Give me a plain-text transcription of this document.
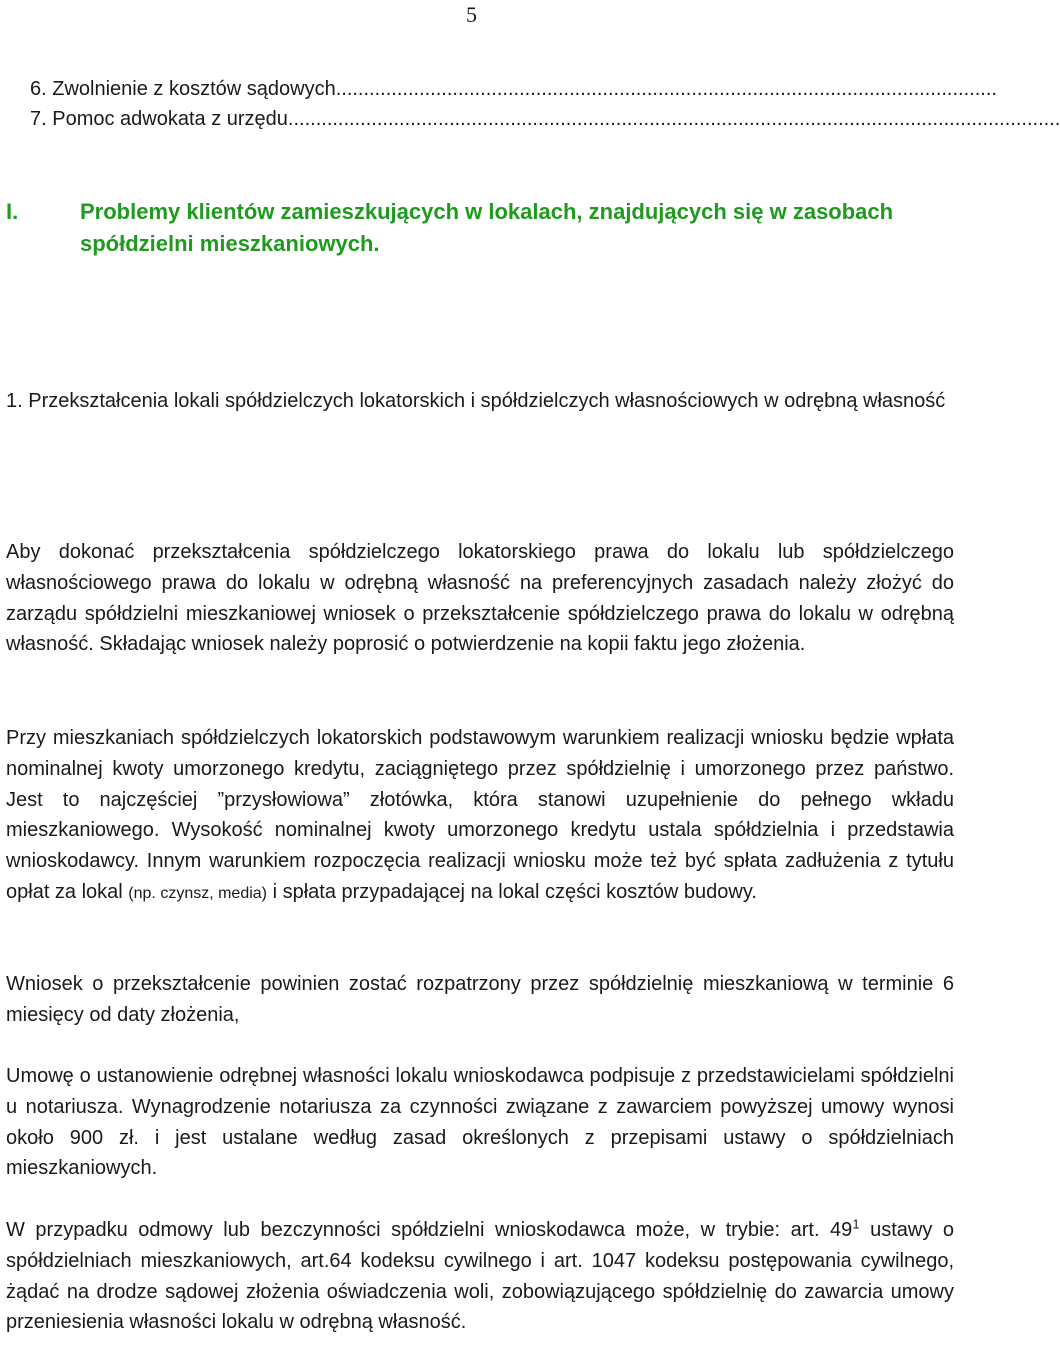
5
6. Zwolnienie z kosztów sądowych .......................................................................................................................
7. Pomoc adwokata z urzędu ...........................................................................................................................................
I.	Problemy klientów zamieszkujących w lokalach, znajdujących się w zasobach spółdzielni mieszkaniowych.
1. Przekształcenia lokali spółdzielczych lokatorskich i spółdzielczych własnościowych w odrębną własność
Aby dokonać przekształcenia spółdzielczego lokatorskiego prawa do lokalu lub spółdzielczego własnościowego prawa do lokalu w odrębną własność na preferencyjnych zasadach należy złożyć do zarządu spółdzielni mieszkaniowej wniosek o przekształcenie spółdzielczego prawa do lokalu w odrębną własność. Składając wniosek należy poprosić o potwierdzenie na kopii faktu jego złożenia.
Przy mieszkaniach spółdzielczych lokatorskich podstawowym warunkiem realizacji wniosku będzie wpłata nominalnej kwoty umorzonego kredytu, zaciągniętego przez spółdzielnię i umorzonego przez państwo. Jest to najczęściej ”przysłowiowa” złotówka, która stanowi uzupełnienie do pełnego wkładu mieszkaniowego. Wysokość nominalnej kwoty umorzonego kredytu ustala spółdzielnia i przedstawia wnioskodawcy. Innym warunkiem rozpoczęcia realizacji wniosku może też być spłata zadłużenia z tytułu opłat za lokal (np. czynsz, media) i spłata przypadającej na lokal części kosztów budowy.
Wniosek o przekształcenie powinien zostać rozpatrzony przez spółdzielnię mieszkaniową w terminie 6 miesięcy od daty złożenia,
Umowę o ustanowienie odrębnej własności lokalu wnioskodawca podpisuje z przedstawicielami spółdzielni u notariusza. Wynagrodzenie notariusza za czynności związane z zawarciem powyższej umowy wynosi około 900 zł. i jest ustalane według zasad określonych z przepisami ustawy o spółdzielniach mieszkaniowych.
W przypadku odmowy lub bezczynności spółdzielni wnioskodawca może, w trybie: art. $49^1$ ustawy o spółdzielniach mieszkaniowych, art.64 kodeksu cywilnego i art. 1047 kodeksu postępowania cywilnego, żądać na drodze sądowej złożenia oświadczenia woli, zobowiązującego spółdzielnię do zawarcia umowy przeniesienia własności lokalu w odrębną własność.
